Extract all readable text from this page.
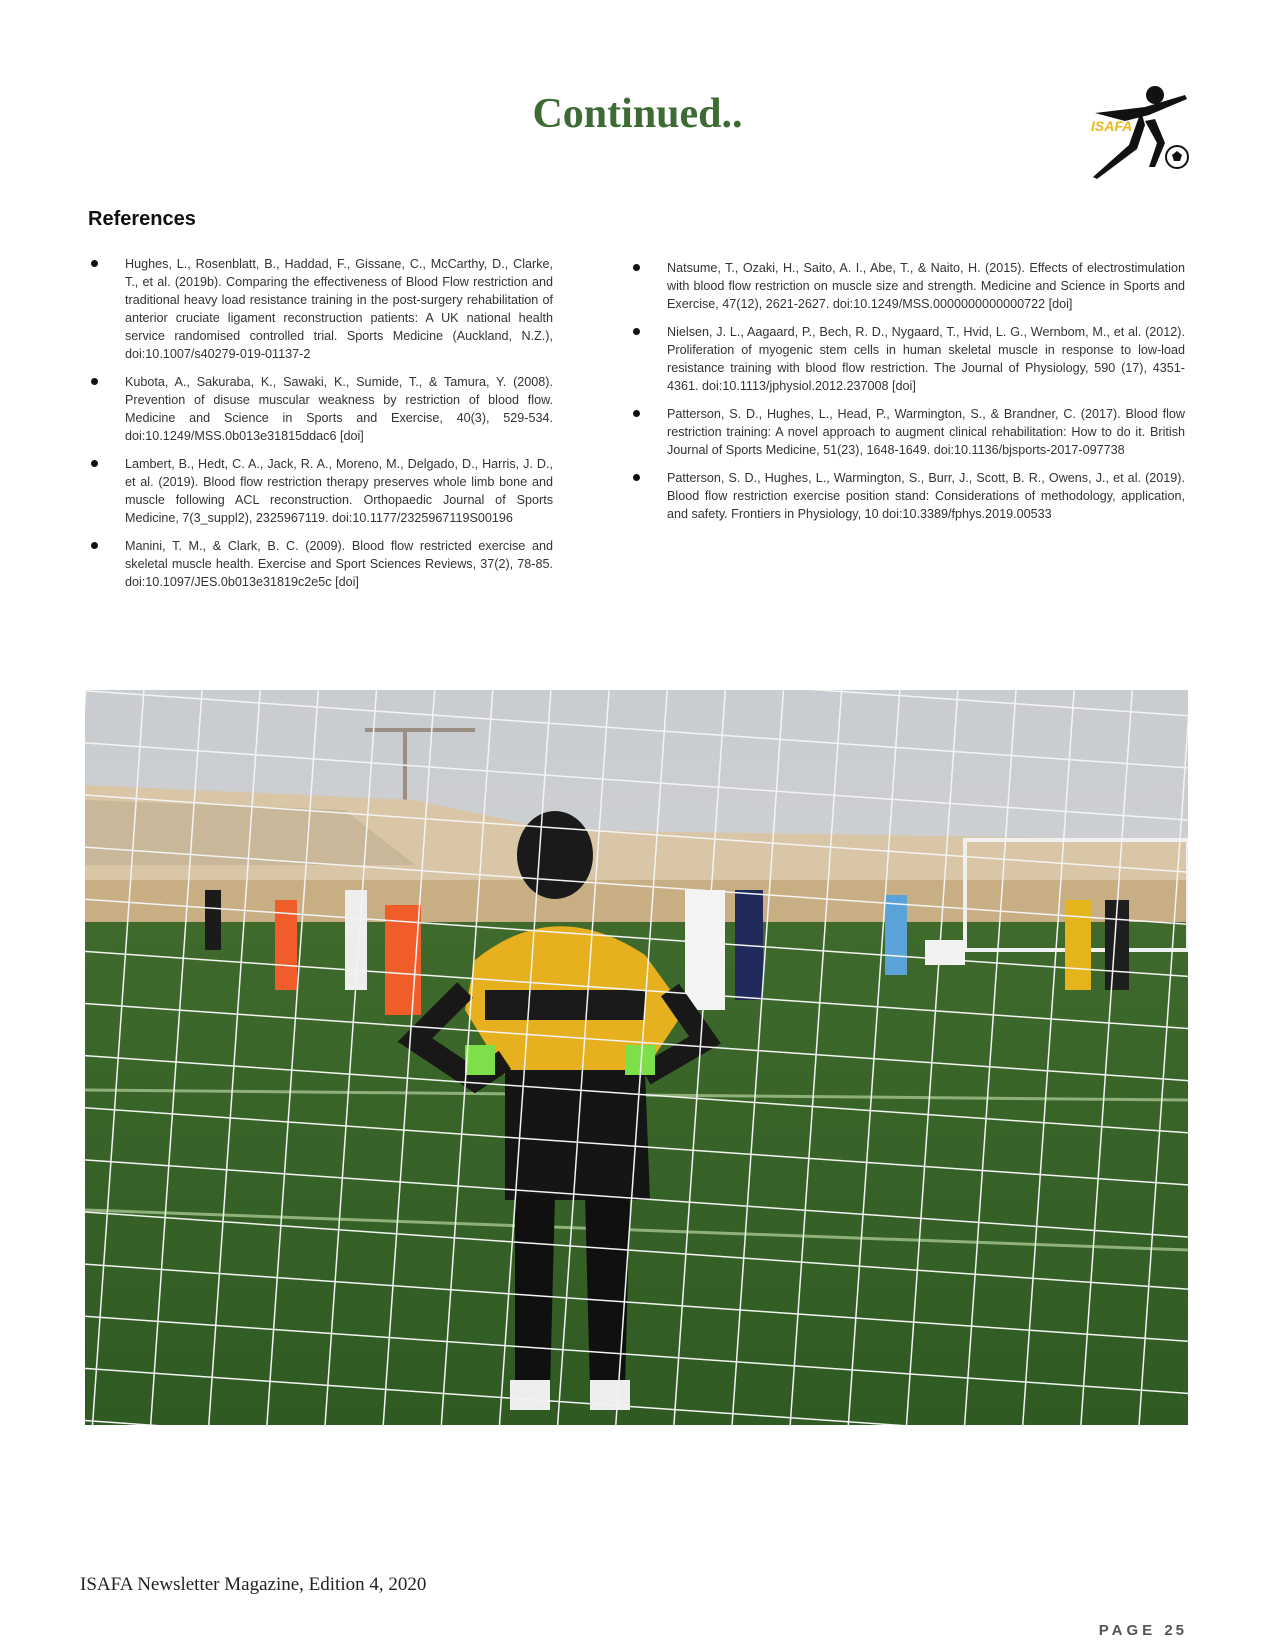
Continued..	ISAFA
References
Hughes, L., Rosenblatt, B., Haddad, F., Gissane, C., McCarthy, D., Clarke, T., et al. (2019b). Comparing the effectiveness of Blood Flow restriction and traditional heavy load resistance training in the post-surgery rehabilitation of anterior cruciate ligament reconstruction patients: A UK national health service randomised controlled trial. Sports Medicine (Auckland, N.Z.), doi:10.1007/s40279-019-01137-2
Kubota, A., Sakuraba, K., Sawaki, K., Sumide, T., & Tamura, Y. (2008). Prevention of disuse muscular weakness by restriction of blood flow. Medicine and Science in Sports and Exercise, 40(3), 529-534. doi:10.1249/MSS.0b013e31815ddac6 [doi]
Lambert, B., Hedt, C. A., Jack, R. A., Moreno, M., Delgado, D., Harris, J. D., et al. (2019). Blood flow restriction therapy preserves whole limb bone and muscle following ACL reconstruction. Orthopaedic Journal of Sports Medicine, 7(3_suppl2), 2325967119. doi:10.1177/2325967119S00196
Manini, T. M., & Clark, B. C. (2009). Blood flow restricted exercise and skeletal muscle health. Exercise and Sport Sciences Reviews, 37(2), 78-85. doi:10.1097/JES.0b013e31819c2e5c [doi]
Natsume, T., Ozaki, H., Saito, A. I., Abe, T., & Naito, H. (2015). Effects of electrostimulation with blood flow restriction on muscle size and strength. Medicine and Science in Sports and Exercise, 47(12), 2621-2627. doi:10.1249/MSS.0000000000000722 [doi]
Nielsen, J. L., Aagaard, P., Bech, R. D., Nygaard, T., Hvid, L. G., Wernbom, M., et al. (2012). Proliferation of myogenic stem cells in human skeletal muscle in response to low-load resistance training with blood flow restriction. The Journal of Physiology, 590 (17), 4351-4361. doi:10.1113/jphysiol.2012.237008 [doi]
Patterson, S. D., Hughes, L., Head, P., Warmington, S., & Brandner, C. (2017). Blood flow restriction training: A novel approach to augment clinical rehabilitation: How to do it. British Journal of Sports Medicine, 51(23), 1648-1649. doi:10.1136/bjsports-2017-097738
Patterson, S. D., Hughes, L., Warmington, S., Burr, J., Scott, B. R., Owens, J., et al. (2019). Blood flow restriction exercise position stand: Considerations of methodology, application, and safety. Frontiers in Physiology, 10 doi:10.3389/fphys.2019.00533
ISAFA Newsletter Magazine, Edition 4, 2020
PAGE 25
